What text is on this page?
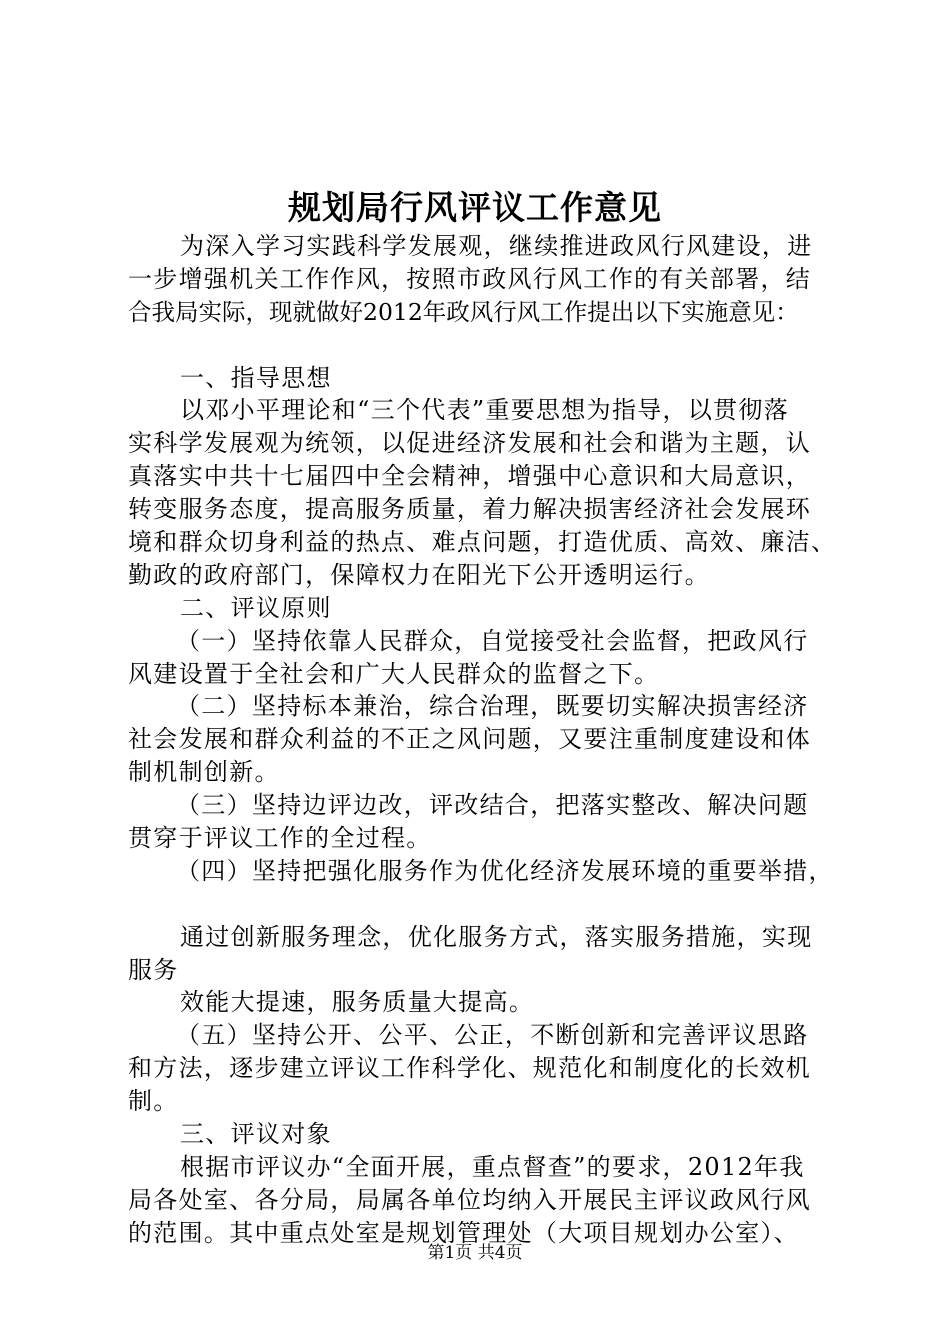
规划局行风评议工作意见
为深入学习实践科学发展观，继续推进政风行风建设，进
一步增强机关工作作风，按照市政风行风工作的有关部署，结
合我局实际，现就做好2012年政风行风工作提出以下实施意见：
一、指导思想
以邓小平理论和“三个代表”重要思想为指导，以贯彻落
实科学发展观为统领，以促进经济发展和社会和谐为主题，认
真落实中共十七届四中全会精神，增强中心意识和大局意识，
转变服务态度，提高服务质量，着力解决损害经济社会发展环
境和群众切身利益的热点、难点问题，打造优质、高效、廉洁、
勤政的政府部门，保障权力在阳光下公开透明运行。
二、评议原则
（一）坚持依靠人民群众，自觉接受社会监督，把政风行
风建设置于全社会和广大人民群众的监督之下。
（二）坚持标本兼治，综合治理，既要切实解决损害经济
社会发展和群众利益的不正之风问题，又要注重制度建设和体
制机制创新。
（三）坚持边评边改，评改结合，把落实整改、解决问题
贯穿于评议工作的全过程。
（四）坚持把强化服务作为优化经济发展环境的重要举措，
通过创新服务理念，优化服务方式，落实服务措施，实现
服务
效能大提速，服务质量大提高。
（五）坚持公开、公平、公正，不断创新和完善评议思路
和方法，逐步建立评议工作科学化、规范化和制度化的长效机
制。
三、评议对象
根据市评议办“全面开展，重点督查”的要求，2012年我
局各处室、各分局，局属各单位均纳入开展民主评议政风行风
的范围。其中重点处室是规划管理处（大项目规划办公室）、
第1页 共4页
